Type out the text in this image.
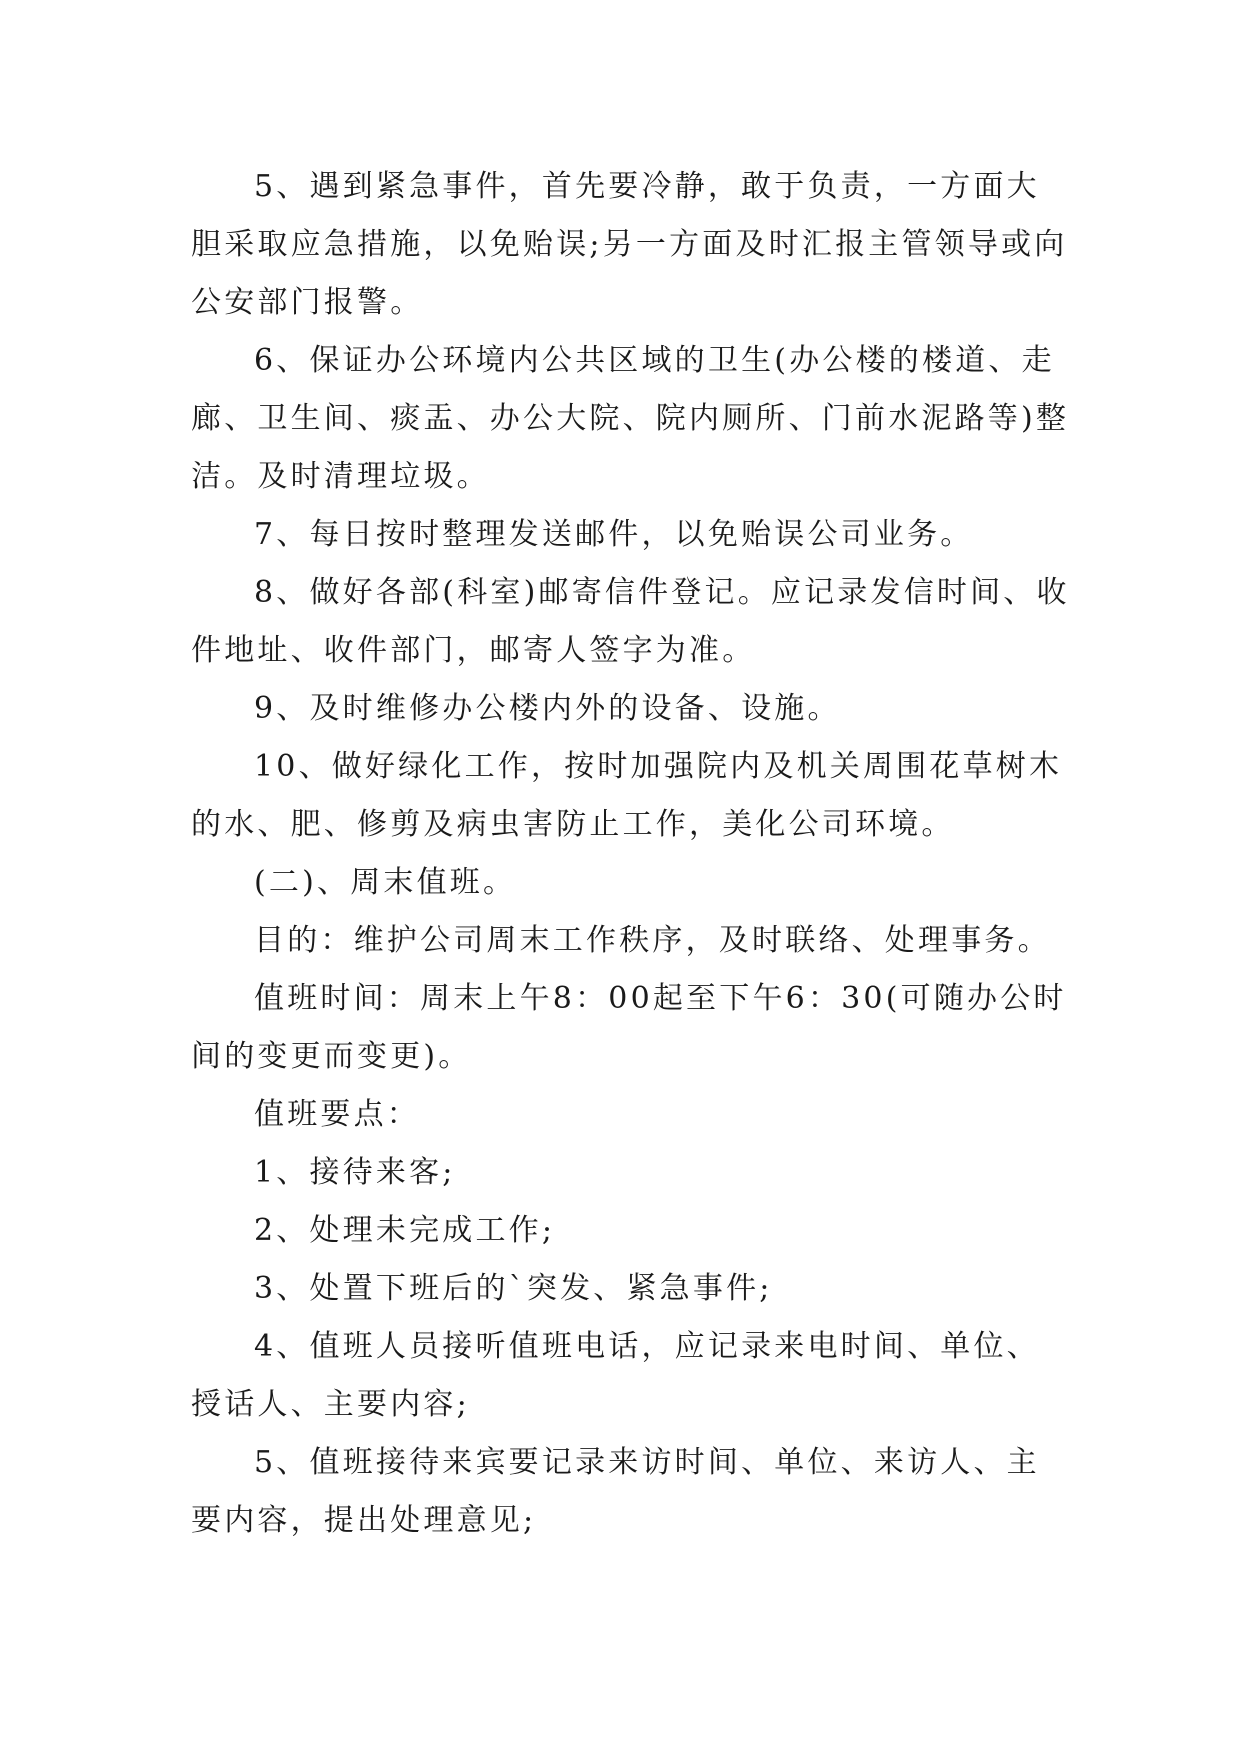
5、遇到紧急事件，首先要冷静，敢于负责，一方面大胆采取应急措施，以免贻误;另一方面及时汇报主管领导或向公安部门报警。

6、保证办公环境内公共区域的卫生(办公楼的楼道、走廊、卫生间、痰盂、办公大院、院内厕所、门前水泥路等)整洁。及时清理垃圾。

7、每日按时整理发送邮件，以免贻误公司业务。

8、做好各部(科室)邮寄信件登记。应记录发信时间、收件地址、收件部门，邮寄人签字为准。

9、及时维修办公楼内外的设备、设施。

10、做好绿化工作，按时加强院内及机关周围花草树木的水、肥、修剪及病虫害防止工作，美化公司环境。

(二)、周末值班。

目的：维护公司周末工作秩序，及时联络、处理事务。

值班时间：周末上午8：00起至下午6：30(可随办公时间的变更而变更)。

值班要点：

1、接待来客;

2、处理未完成工作;

3、处置下班后的`突发、紧急事件;

4、值班人员接听值班电话，应记录来电时间、单位、授话人、主要内容;

5、值班接待来宾要记录来访时间、单位、来访人、主要内容，提出处理意见;
